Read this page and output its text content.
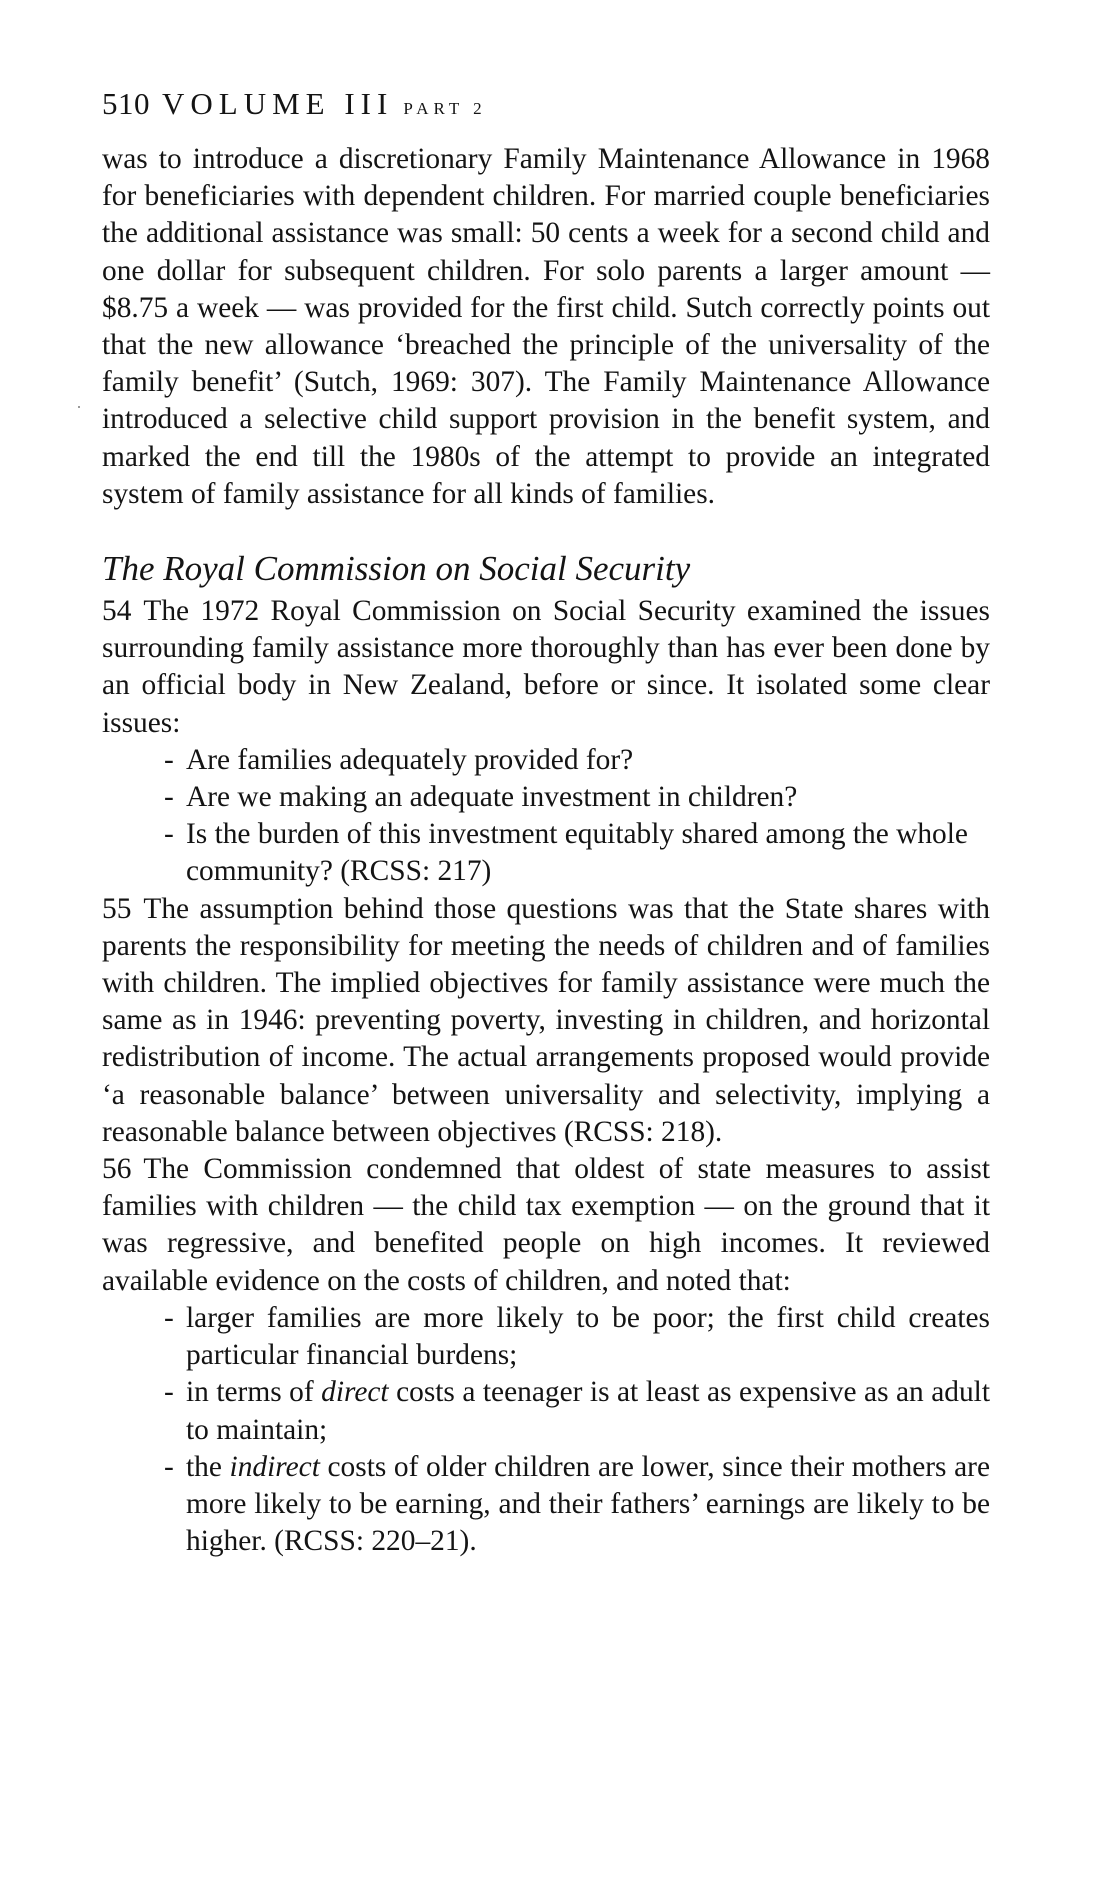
510 VOLUME III PART 2

was to introduce a discretionary Family Maintenance Allowance in 1968 for beneficiaries with dependent children. For married couple beneficiaries the additional assistance was small: 50 cents a week for a second child and one dollar for subsequent children. For solo parents a larger amount — $8.75 a week — was provided for the first child. Sutch correctly points out that the new allowance ‘breached the principle of the universality of the family benefit’ (Sutch, 1969: 307). The Family Maintenance Allowance introduced a selective child support provision in the benefit system, and marked the end till the 1980s of the attempt to provide an integrated system of family assistance for all kinds of families.

The Royal Commission on Social Security

54 The 1972 Royal Commission on Social Security examined the issues surrounding family assistance more thoroughly than has ever been done by an official body in New Zealand, before or since. It isolated some clear issues:

- Are families adequately provided for?
- Are we making an adequate investment in children?
- Is the burden of this investment equitably shared among the whole community? (RCSS: 217)

55 The assumption behind those questions was that the State shares with parents the responsibility for meeting the needs of children and of families with children. The implied objectives for family assistance were much the same as in 1946: preventing poverty, investing in children, and horizontal redistribution of income. The actual arrangements proposed would provide ‘a reasonable balance’ between universality and selectivity, implying a reasonable balance between objectives (RCSS: 218).

56 The Commission condemned that oldest of state measures to assist families with children — the child tax exemption — on the ground that it was regressive, and benefited people on high incomes. It reviewed available evidence on the costs of children, and noted that:

- larger families are more likely to be poor; the first child creates particular financial burdens;
- in terms of direct costs a teenager is at least as expensive as an adult to maintain;
- the indirect costs of older children are lower, since their mothers are more likely to be earning, and their fathers’ earnings are likely to be higher. (RCSS: 220–21).
